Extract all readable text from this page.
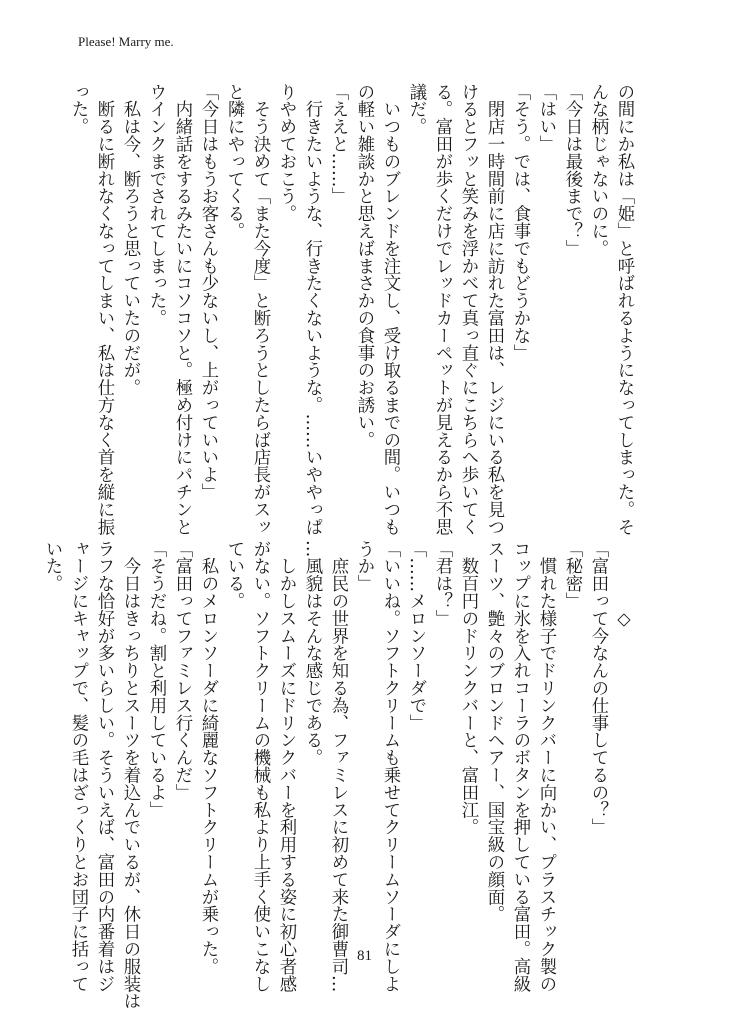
Please! Marry me.
の間にか私は「姫」と呼ばれるようになってしまった。そ
んな柄じゃないのに。
「今日は最後まで？」
「はい」
「そう。では、食事でもどうかな」
　閉店一時間前に店に訪れた富田は、レジにいる私を見つ
けるとフッと笑みを浮かべて真っ直ぐにこちらへ歩いてく
る。富田が歩くだけでレッドカーペットが見えるから不思
議だ。
　いつものブレンドを注文し、受け取るまでの間。いつも
の軽い雑談かと思えばまさかの食事のお誘い。
「ええと……」
　行きたいような、行きたくないような。……いややっぱ
りやめておこう。
　そう決めて「また今度」と断ろうとしたらば店長がスッ
と隣にやってくる。
「今日はもうお客さんも少ないし、上がっていいよ」
　内緒話をするみたいにコソコソと。極め付けにパチンと
ウインクまでされてしまった。
　私は今、断ろうと思っていたのだが。
　断るに断れなくなってしまい、私は仕方なく首を縦に振
った。
　　　　◇
「富田って今なんの仕事してるの？」
「秘密」
　慣れた様子でドリンクバーに向かい、プラスチック製の
コップに氷を入れコーラのボタンを押している富田。高級
スーツ、艶々のブロンドヘアー、国宝級の顔面。
　数百円のドリンクバーと、富田江。
「君は？」
「……メロンソーダで」
「いいね。ソフトクリームも乗せてクリームソーダにしよ
うか」
　庶民の世界を知る為、ファミレスに初めて来た御曹司…
…風貌はそんな感じである。
　しかしスムーズにドリンクバーを利用する姿に初心者感
がない。ソフトクリームの機械も私より上手く使いこなし
ている。
　私のメロンソーダに綺麗なソフトクリームが乗った。
「富田ってファミレス行くんだ」
「そうだね。割と利用しているよ」
　今日はきっちりとスーツを着込んでいるが、休日の服装は
ラフな恰好が多いらしい。そういえば、富田の内番着はジ
ャージにキャップで、髪の毛はざっくりとお団子に括って
いた。
81
